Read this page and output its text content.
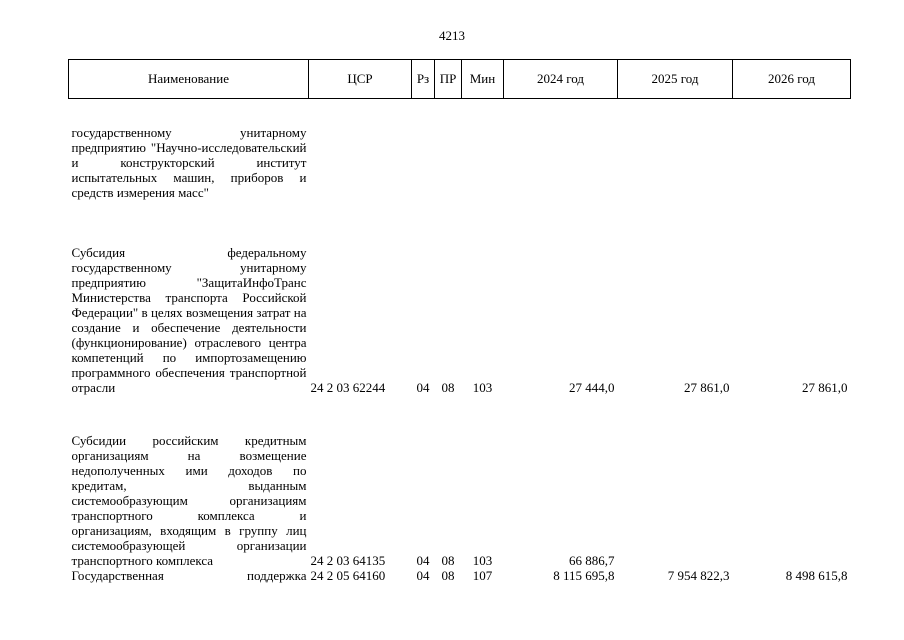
4213
Наименование	ЦСР	Рз	ПР	Мин	2024 год	2025 год	2026 год
государственному унитарному предприятию "Научно-исследовательский и конструкторский институт испытательных машин, приборов и средств измерения масс"							
Субсидия федеральному государственному унитарному предприятию "ЗащитаИнфоТранс Министерства транспорта Российской Федерации" в целях возмещения затрат на создание и обеспечение деятельности (функционирование) отраслевого центра компетенций по импортозамещению программного обеспечения транспортной отрасли	24 2 03 62244	04	08	103	27 444,0	27 861,0	27 861,0
Субсидии российским кредитным организациям на возмещение недополученных ими доходов по кредитам, выданным системообразующим организациям транспортного комплекса и организациям, входящим в группу лиц системообразующей организации транспортного комплекса	24 2 03 64135	04	08	103	66 886,7		
Государственная поддержка	24 2 05 64160	04	08	107	8 115 695,8	7 954 822,3	8 498 615,8
